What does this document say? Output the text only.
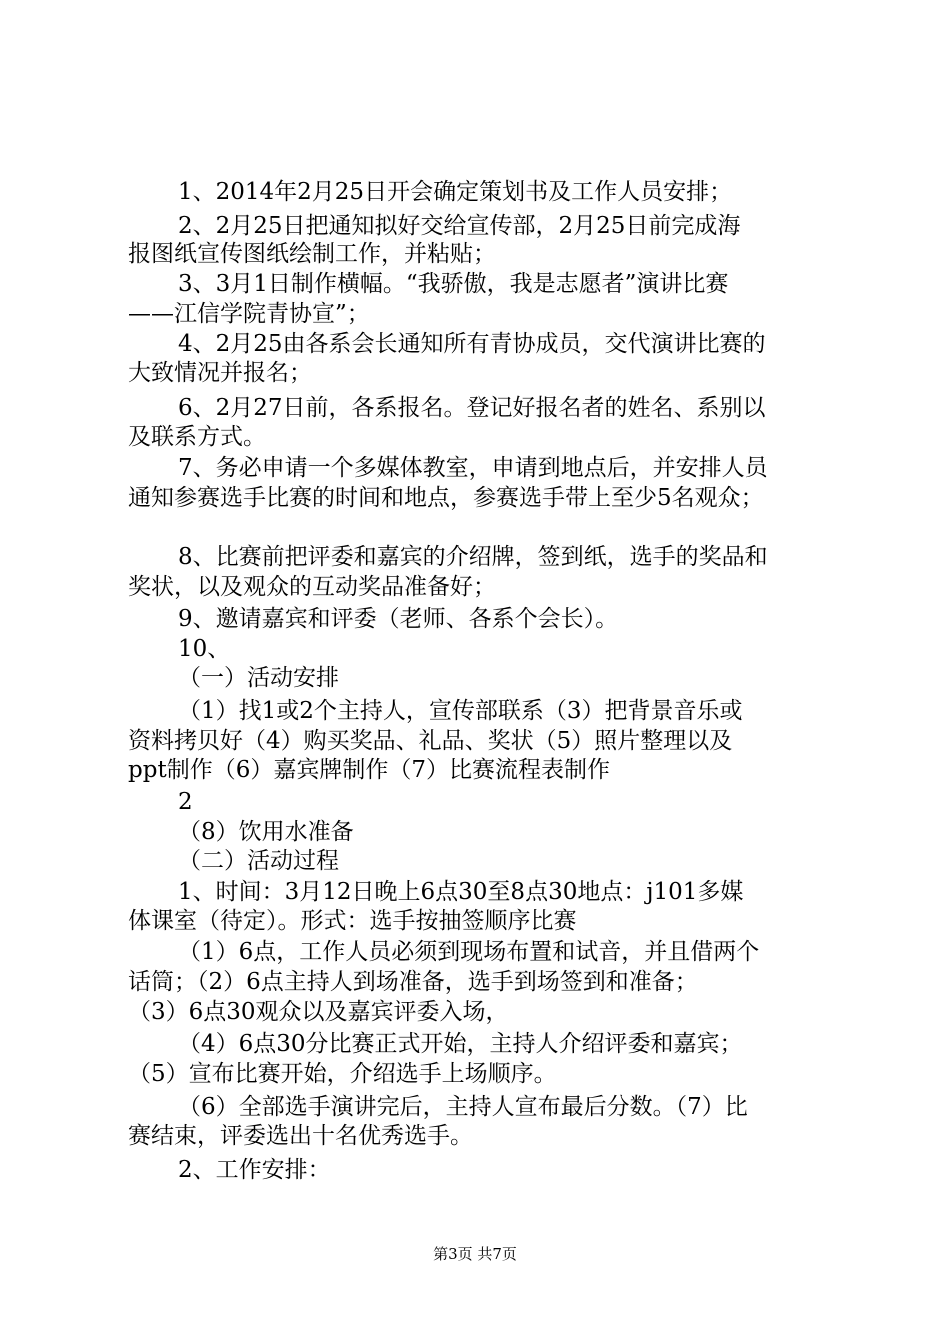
1、2014年2月25日开会确定策划书及工作人员安排；
2、2月25日把通知拟好交给宣传部，2月25日前完成海
报图纸宣传图纸绘制工作，并粘贴；
3、3月1日制作横幅。“我骄傲，我是志愿者”演讲比赛
——江信学院青协宣”；
4、2月25由各系会长通知所有青协成员，交代演讲比赛的
大致情况并报名；
6、2月27日前，各系报名。登记好报名者的姓名、系别以
及联系方式。
7、务必申请一个多媒体教室，申请到地点后，并安排人员
通知参赛选手比赛的时间和地点，参赛选手带上至少5名观众；
8、比赛前把评委和嘉宾的介绍牌，签到纸，选手的奖品和
奖状，以及观众的互动奖品准备好；
9、邀请嘉宾和评委（老师、各系个会长）。
10、
（一）活动安排
（1）找1或2个主持人，宣传部联系（3）把背景音乐或
资料拷贝好（4）购买奖品、礼品、奖状（5）照片整理以及
ppt制作（6）嘉宾牌制作（7）比赛流程表制作
2
（8）饮用水准备
（二）活动过程
1、时间：3月12日晚上6点30至8点30地点：j101多媒
体课室（待定）。形式：选手按抽签顺序比赛
（1）6点，工作人员必须到现场布置和试音，并且借两个
话筒；（2）6点主持人到场准备，选手到场签到和准备；
（3）6点30观众以及嘉宾评委入场，
（4）6点30分比赛正式开始，主持人介绍评委和嘉宾；
（5）宣布比赛开始，介绍选手上场顺序。
（6）全部选手演讲完后，主持人宣布最后分数。（7）比
赛结束，评委选出十名优秀选手。
2、工作安排：
第3页 共7页
